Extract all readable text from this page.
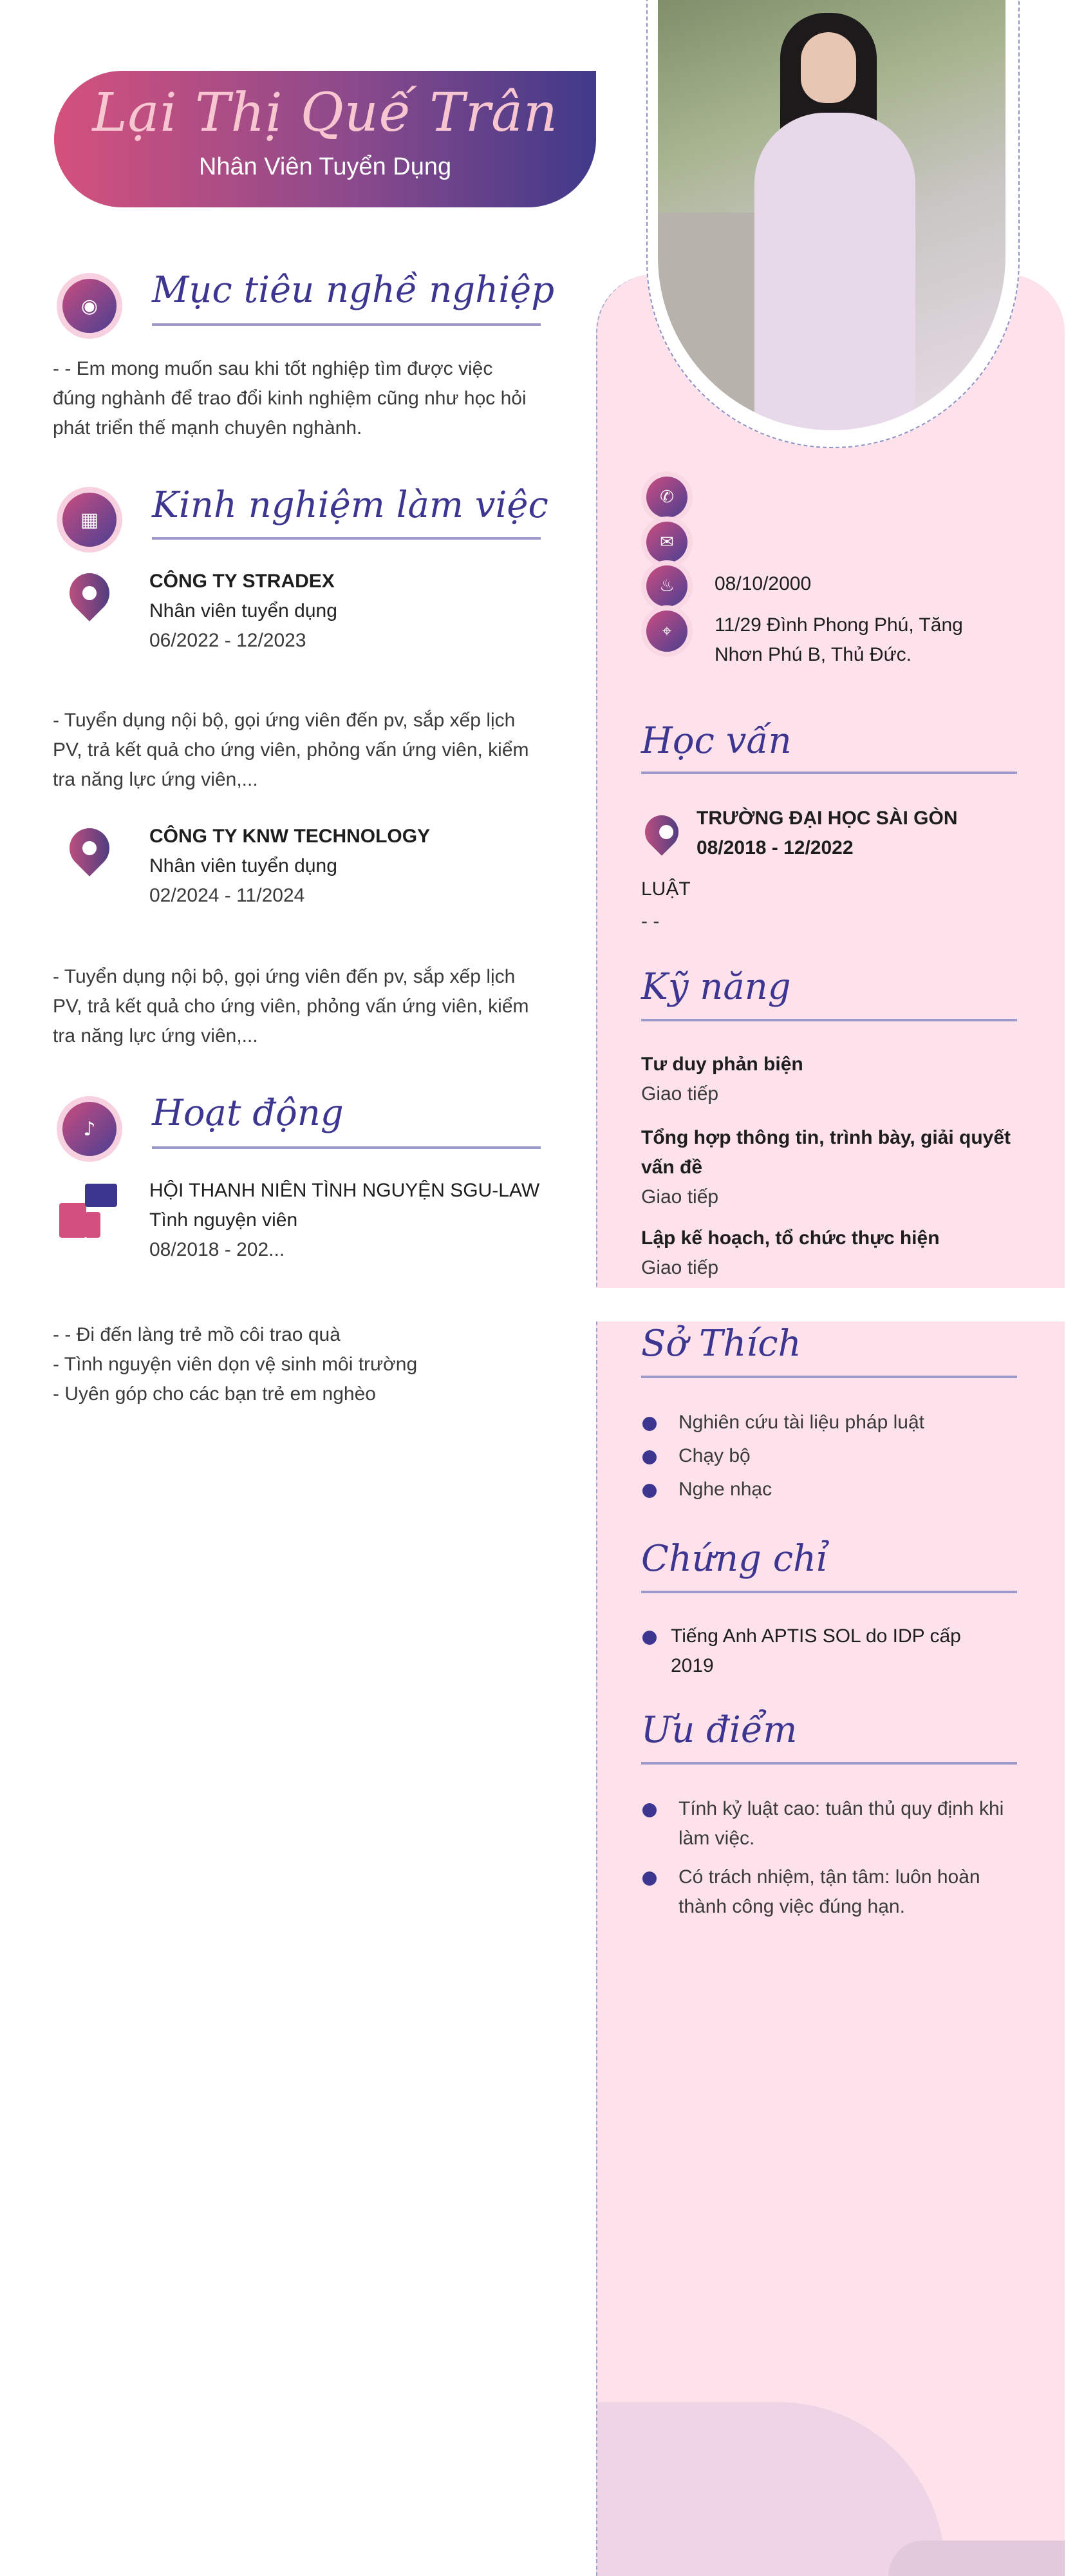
Lại Thị Quế Trân
Nhân Viên Tuyển Dụng
◉	Mục tiêu nghề nghiệp
- - Em mong muốn sau khi tốt nghiệp tìm được việc
đúng nghành để trao đổi kinh nghiệm cũng như học hỏi
phát triển thế mạnh chuyên nghành.
▦	Kinh nghiệm làm việc
CÔNG TY STRADEX
Nhân viên tuyển dụng
06/2022 - 12/2023
- Tuyển dụng nội bộ, gọi ứng viên đến pv, sắp xếp lịch
PV, trả kết quả cho ứng viên, phỏng vấn ứng viên, kiểm
tra năng lực ứng viên,...
CÔNG TY KNW TECHNOLOGY
Nhân viên tuyển dụng
02/2024 - 11/2024
- Tuyển dụng nội bộ, gọi ứng viên đến pv, sắp xếp lịch
PV, trả kết quả cho ứng viên, phỏng vấn ứng viên, kiểm
tra năng lực ứng viên,...
♪	Hoạt động
HỘI THANH NIÊN TÌNH NGUYỆN SGU-LAW
Tình nguyện viên
08/2018 - 202...
- - Đi đến làng trẻ mồ côi trao quà
- Tình nguyện viên dọn vệ sinh môi trường
- Uyên góp cho các bạn trẻ em nghèo
✆
✉
♨
⌖
08/10/2000
11/29 Đình Phong Phú, Tăng
Nhơn Phú B, Thủ Đức.
Học vấn
TRƯỜNG ĐẠI HỌC SÀI GÒN
08/2018 - 12/2022
LUẬT
- -
Kỹ năng
Tư duy phản biện
Giao tiếp
Tổng hợp thông tin, trình bày, giải quyết
vấn đề
Giao tiếp
Lập kế hoạch, tổ chức thực hiện
Giao tiếp
Sở Thích
Nghiên cứu tài liệu pháp luật
Chạy bộ
Nghe nhạc
Chứng chỉ
Tiếng Anh APTIS SOL do IDP cấp
2019
Ưu điểm
Tính kỷ luật cao: tuân thủ quy định khi
làm việc.
Có trách nhiệm, tận tâm: luôn hoàn
thành công việc đúng hạn.
